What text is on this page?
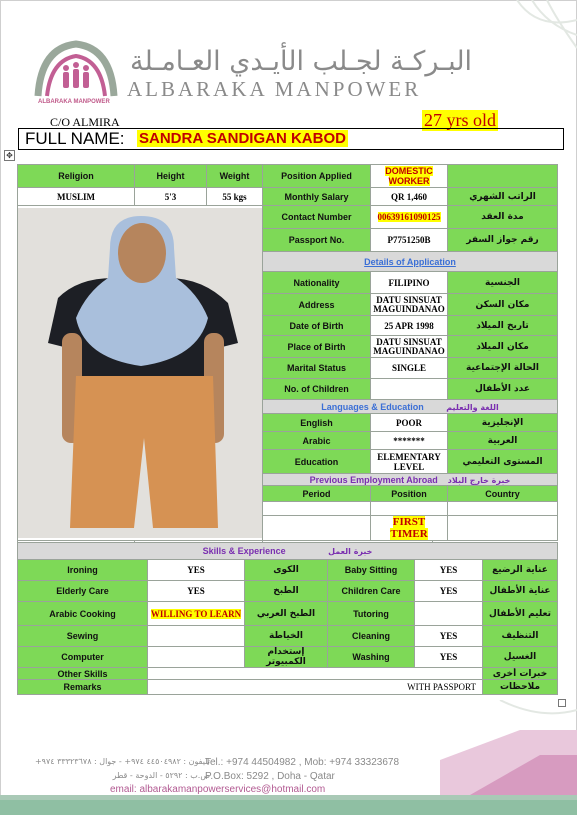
ALBARAKA MANPOWER
البـركـة لجـلب الأيـدي العـامـلة
ALBARAKA MANPOWER
27 yrs old
C/O ALMIRA
FULL NAME: SANDRA SANDIGAN KABOD
✥
Religion	Height	Weight	Position Applied	DOMESTIC WORKER	
MUSLIM	5'3	55 kgs	Monthly Salary	QR 1,460	الراتب الشهري

	Contact Number	00639161090125	مدة العقد
			Passport No.	P7751250B	رقم جواز السفر
			Details of Application		
			Nationality	FILIPINO	الجنسية
			Address	DATU SINSUAT MAGUINDANAO	مكان السكن
			Date of Birth	25 APR 1998	تاريخ الميلاد
			Place of Birth	DATU SINSUAT MAGUINDANAO	مكان الميلاد
			Marital Status	SINGLE	الحالة الإجتماعية
			No. of Children		عدد الأطفال
			Languages & Education اللغة والتعليم		
			English	POOR	الإنجليزية
			Arabic	*******	العربية
			Education	ELEMENTARY LEVEL	المستوى التعليمي
			Previous Employment Abroad خبرة خارج البلاد		
			Period	Position	Country

				FIRST TIMER	

Skills & Experience خبرة العمل					
Ironing	YES	الكوى	Baby Sitting	YES	عناية الرضيع
Elderly Care	YES	الطبخ	Children Care	YES	عناية الأطفال
Arabic Cooking	WILLING TO LEARN	الطبخ العربي	Tutoring		تعليم الأطفال
Sewing		الخياطة	Cleaning	YES	التنظيف
Computer		إستخدام الكمبيوتر	Washing	YES	الغسيل
Other Skills					خبرات أخرى
Remarks	WITH PASSPORT				ملاحظات
تليفون : ٤٤٥٠٤٩٨٢ ٩٧٤+ - جوال : ٣٣٣٢٣٦٧٨ ٩٧٤+
Tel.: +974 44504982 , Mob: +974 33323678
ص.ب : ٥٢٩٢ - الدوحة - قطر
P.O.Box: 5292 , Doha - Qatar
email: albarakamanpowerservices@hotmail.com
